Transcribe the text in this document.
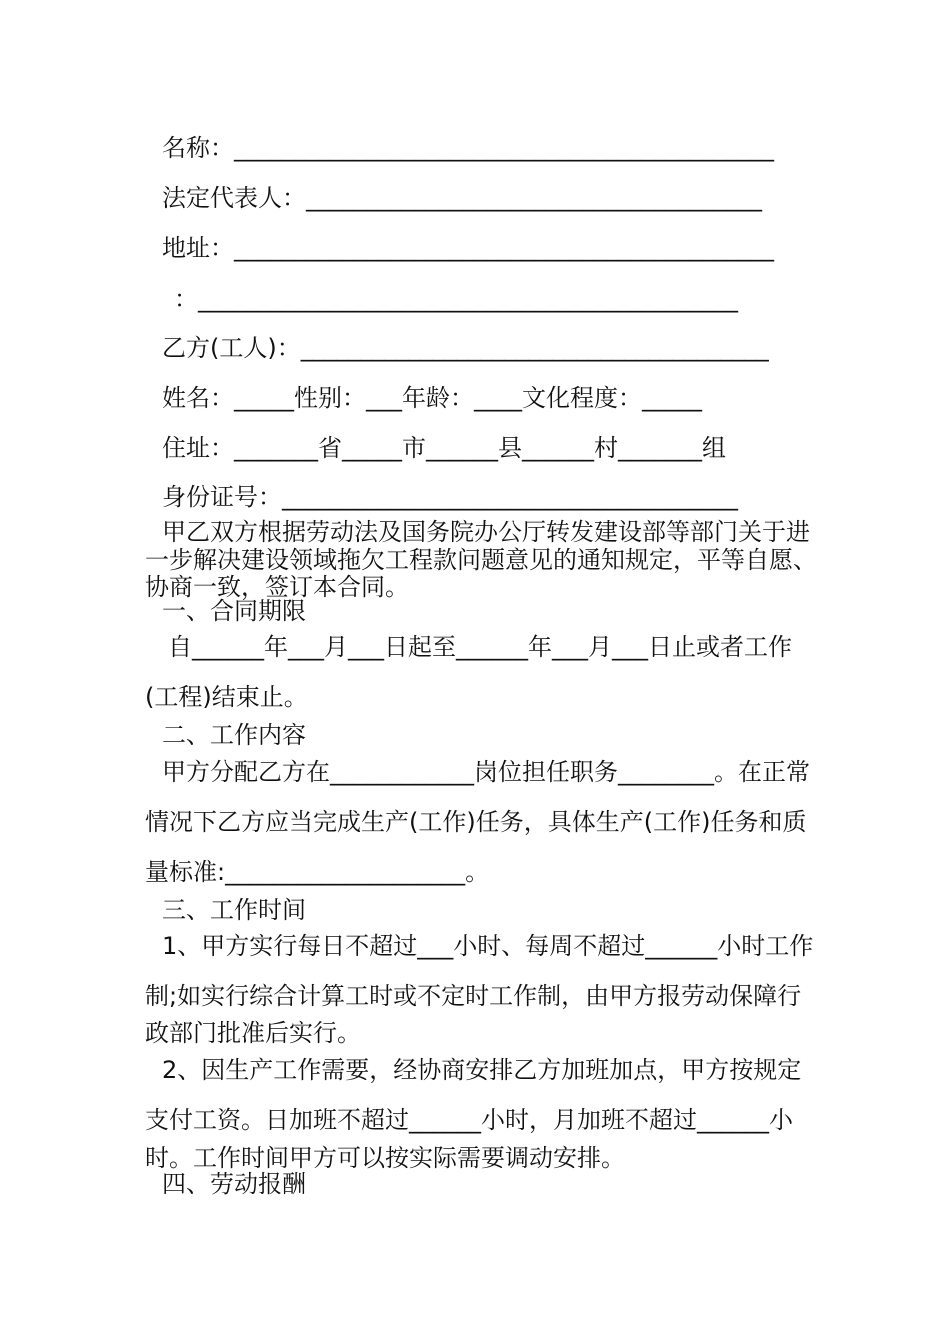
名称：_____________________________________________

法定代表人：______________________________________

地址：_____________________________________________

：_____________________________________________

乙方(工人)：_______________________________________

姓名：_____性别：___年龄：____文化程度：_____

住址：_______省_____市______县______村_______组

身份证号：______________________________________

甲乙双方根据劳动法及国务院办公厅转发建设部等部门关于进

一步解决建设领域拖欠工程款问题意见的通知规定，平等自愿、

协商一致，签订本合同。

一、合同期限

自______年___月___日起至______年___月___日止或者工作

(工程)结束止。

二、工作内容

甲方分配乙方在____________岗位担任职务________。在正常

情况下乙方应当完成生产(工作)任务，具体生产(工作)任务和质

量标准:____________________。

三、工作时间

1、甲方实行每日不超过___小时、每周不超过______小时工作

制;如实行综合计算工时或不定时工作制，由甲方报劳动保障行

政部门批准后实行。

2、因生产工作需要，经协商安排乙方加班加点，甲方按规定

支付工资。日加班不超过______小时，月加班不超过______小

时。工作时间甲方可以按实际需要调动安排。

四、劳动报酬
